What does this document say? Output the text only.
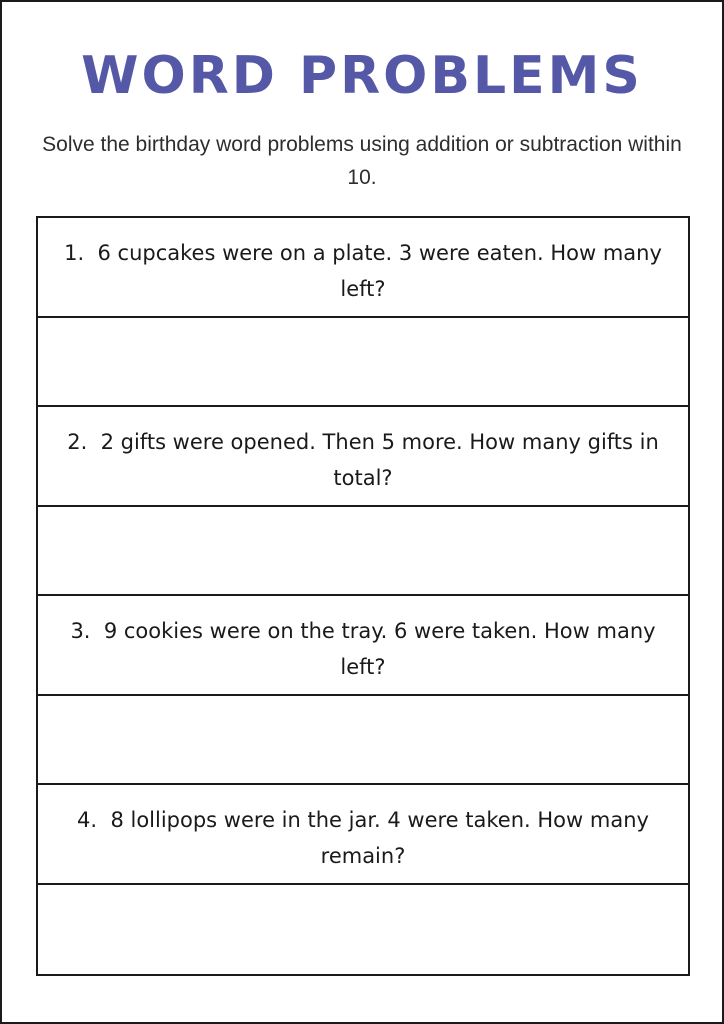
WORD PROBLEMS

Solve the birthday word problems using addition or subtraction within 10.

1. 6 cupcakes were on a plate. 3 were eaten. How many left?

2. 2 gifts were opened. Then 5 more. How many gifts in total?

3. 9 cookies were on the tray. 6 were taken. How many left?

4. 8 lollipops were in the jar. 4 were taken. How many remain?
